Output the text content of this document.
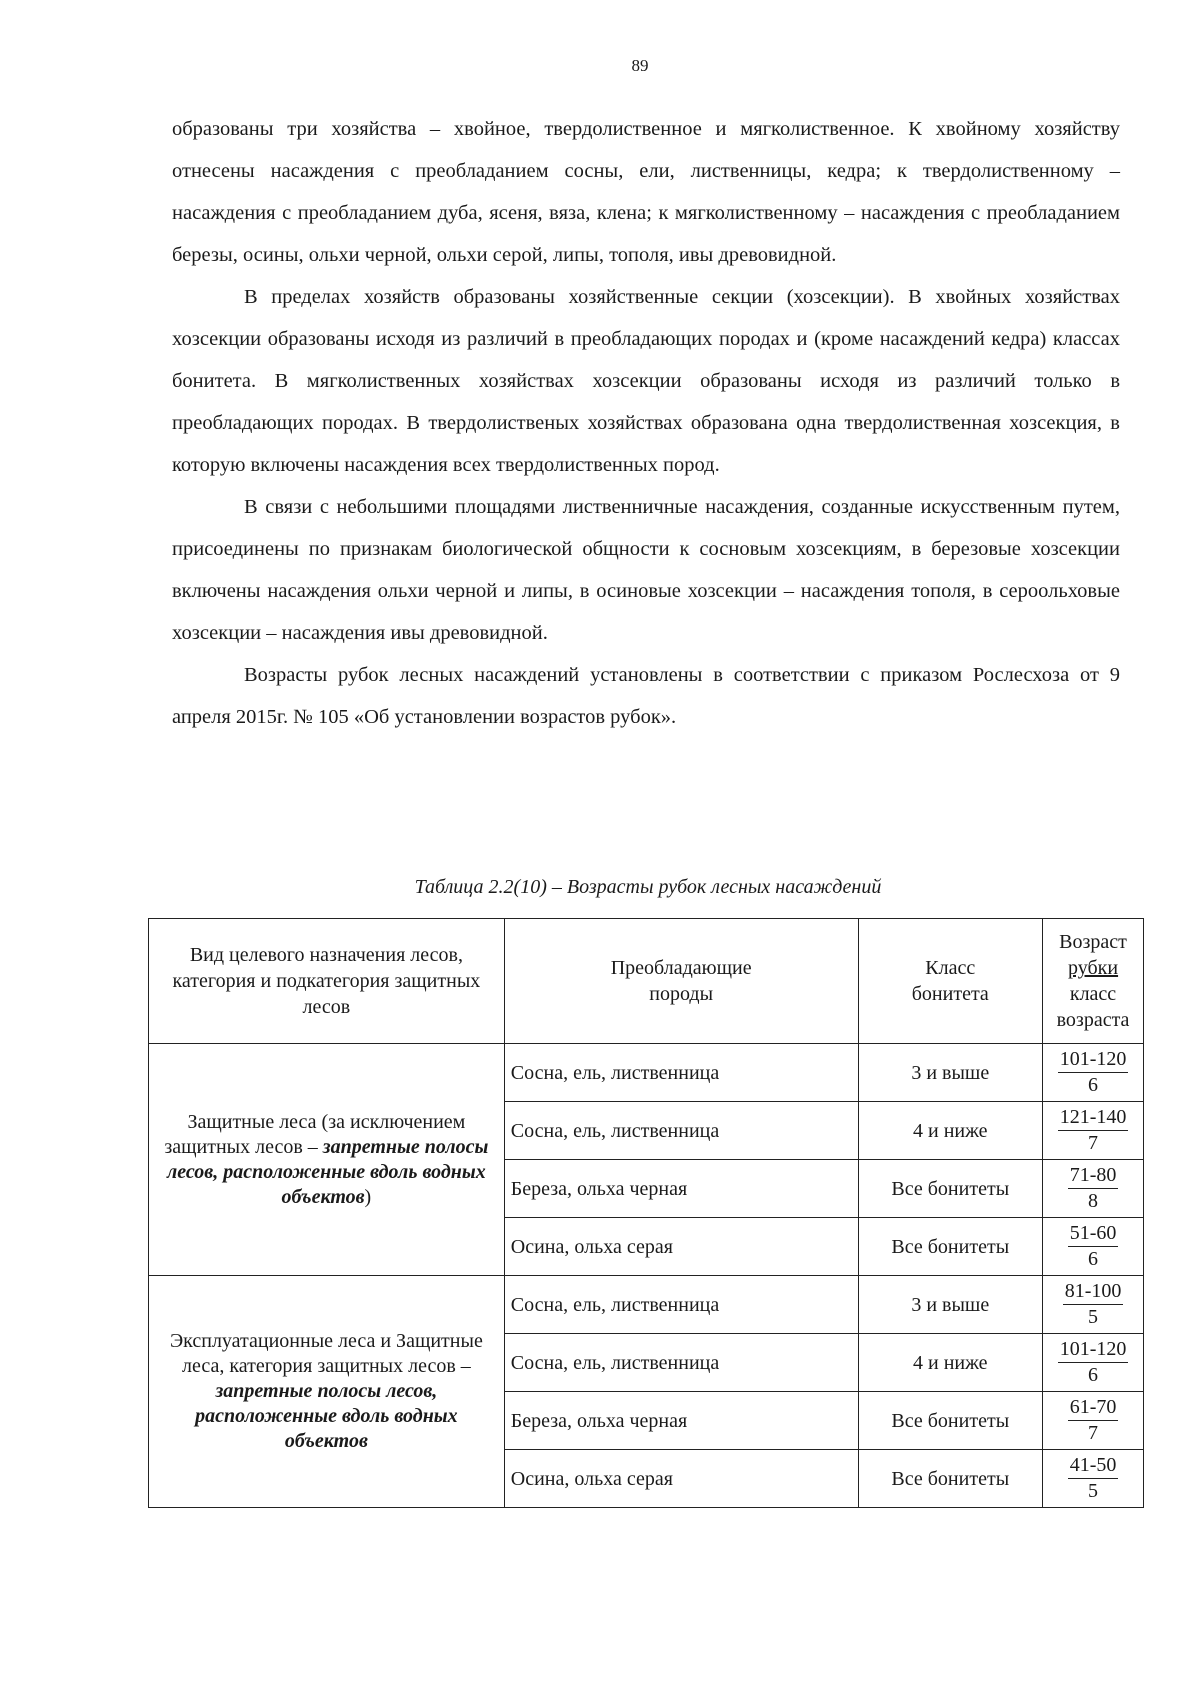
89

образованы три хозяйства – хвойное, твердолиственное и мягколиственное. К хвойному хозяйству отнесены насаждения с преобладанием сосны, ели, лиственницы, кедра; к твердолиственному – насаждения с преобладанием дуба, ясеня, вяза, клена; к мягколиственному – насаждения с преобладанием березы, осины, ольхи черной, ольхи серой, липы, тополя, ивы древовидной.

В пределах хозяйств образованы хозяйственные секции (хозсекции). В хвойных хозяйствах хозсекции образованы исходя из различий в преобладающих породах и (кроме насаждений кедра) классах бонитета. В мягколиственных хозяйствах хозсекции образованы исходя из различий только в преобладающих породах. В твердолиственых хозяйствах образована одна твердолиственная хозсекция, в которую включены насаждения всех твердолиственных пород.

В связи с небольшими площадями лиственничные насаждения, созданные искусственным путем, присоединены по признакам биологической общности к сосновым хозсекциям, в березовые хозсекции включены насаждения ольхи черной и липы, в осиновые хозсекции – насаждения тополя, в сероольховые хозсекции – насаждения ивы древовидной.

Возрасты рубок лесных насаждений установлены в соответствии с приказом Рослесхоза от 9 апреля 2015г. № 105 «Об установлении возрастов рубок».

Таблица 2.2(10) – Возрасты рубок лесных насаждений
Вид целевого назначения лесов, категория и подкатегория защитных лесов	Преобладающие породы	Класс бонитета	Возраст
рубки
класс возраста

Защитные леса (за исключением защитных лесов – запретные полосы лесов, расположенные вдоль водных объектов)	Сосна, ель, лиственница	3 и выше	$\frac{101-120}{6}$

	Сосна, ель, лиственница	4 и ниже	$\frac{121-140}{7}$

	Береза, ольха черная	Все бонитеты	$\frac{71-80}{8}$

	Осина, ольха серая	Все бонитеты	$\frac{51-60}{6}$

Эксплуатационные леса и Защитные леса, категория защитных лесов – запретные полосы лесов, расположенные вдоль водных объектов	Сосна, ель, лиственница	3 и выше	$\frac{81-100}{5}$

	Сосна, ель, лиственница	4 и ниже	$\frac{101-120}{6}$

	Береза, ольха черная	Все бонитеты	$\frac{61-70}{7}$

	Осина, ольха серая	Все бонитеты	$\frac{41-50}{5}$
